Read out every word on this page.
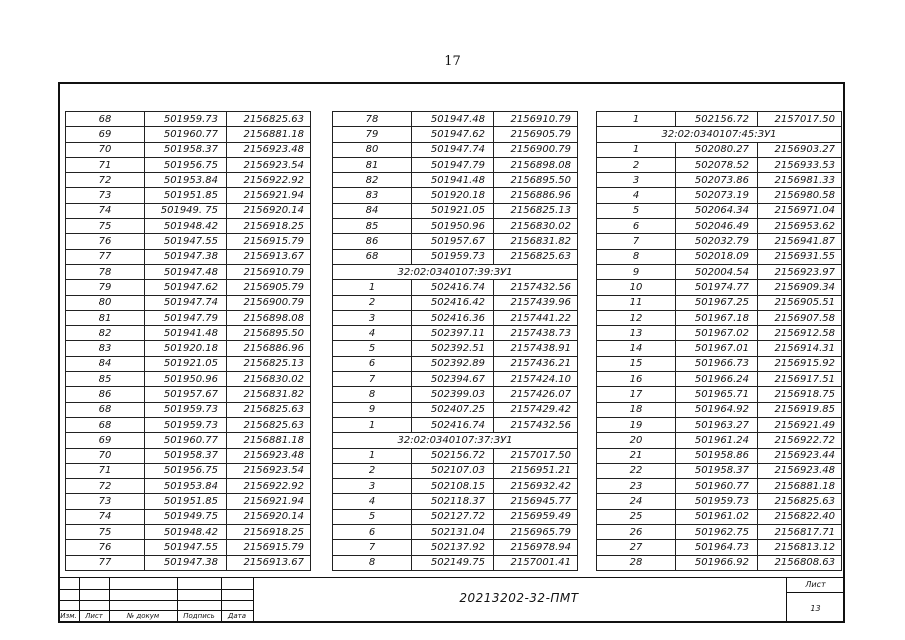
17
68	501959.73	2156825.63
69	501960.77	2156881.18
70	501958.37	2156923.48
71	501956.75	2156923.54
72	501953.84	2156922.92
73	501951.85	2156921.94
74	501949. 75	2156920.14
75	501948.42	2156918.25
76	501947.55	2156915.79
77	501947.38	2156913.67
78	501947.48	2156910.79
79	501947.62	2156905.79
80	501947.74	2156900.79
81	501947.79	2156898.08
82	501941.48	2156895.50
83	501920.18	2156886.96
84	501921.05	2156825.13
85	501950.96	2156830.02
86	501957.67	2156831.82
68	501959.73	2156825.63
68	501959.73	2156825.63
69	501960.77	2156881.18
70	501958.37	2156923.48
71	501956.75	2156923.54
72	501953.84	2156922.92
73	501951.85	2156921.94
74	501949.75	2156920.14
75	501948.42	2156918.25
76	501947.55	2156915.79
77	501947.38	2156913.67
78	501947.48	2156910.79
79	501947.62	2156905.79
80	501947.74	2156900.79
81	501947.79	2156898.08
82	501941.48	2156895.50
83	501920.18	2156886.96
84	501921.05	2156825.13
85	501950.96	2156830.02
86	501957.67	2156831.82
68	501959.73	2156825.63
32:02:0340107:39:ЗУ1		
1	502416.74	2157432.56
2	502416.42	2157439.96
3	502416.36	2157441.22
4	502397.11	2157438.73
5	502392.51	2157438.91
6	502392.89	2157436.21
7	502394.67	2157424.10
8	502399.03	2157426.07
9	502407.25	2157429.42
1	502416.74	2157432.56
32:02:0340107:37:ЗУ1		
1	502156.72	2157017.50
2	502107.03	2156951.21
3	502108.15	2156932.42
4	502118.37	2156945.77
5	502127.72	2156959.49
6	502131.04	2156965.79
7	502137.92	2156978.94
8	502149.75	2157001.41
1	502156.72	2157017.50
32:02:0340107:45:ЗУ1		
1	502080.27	2156903.27
2	502078.52	2156933.53
3	502073.86	2156981.33
4	502073.19	2156980.58
5	502064.34	2156971.04
6	502046.49	2156953.62
7	502032.79	2156941.87
8	502018.09	2156931.55
9	502004.54	2156923.97
10	501974.77	2156909.34
11	501967.25	2156905.51
12	501967.18	2156907.58
13	501967.02	2156912.58
14	501967.01	2156914.31
15	501966.73	2156915.92
16	501966.24	2156917.51
17	501965.71	2156918.75
18	501964.92	2156919.85
19	501963.27	2156921.49
20	501961.24	2156922.72
21	501958.86	2156923.44
22	501958.37	2156923.48
23	501960.77	2156881.18
24	501959.73	2156825.63
25	501961.02	2156822.40
26	501962.75	2156817.71
27	501964.73	2156813.12
28	501966.92	2156808.63
Изм.	Лист	№ докум	Подпись	Дата
20213202-32-ПМТ
Лист
13
